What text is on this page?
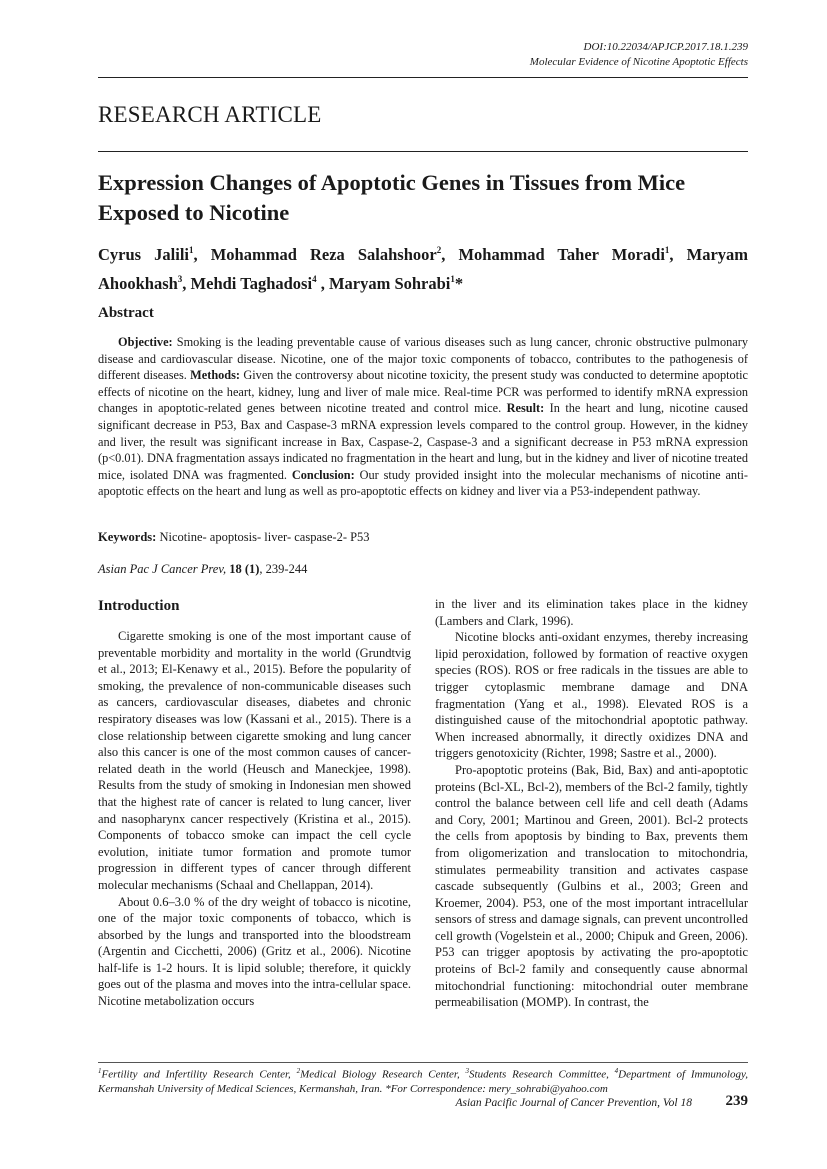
DOI:10.22034/APJCP.2017.18.1.239
Molecular Evidence of Nicotine Apoptotic Effects
RESEARCH ARTICLE
Expression Changes of Apoptotic Genes in Tissues from Mice Exposed to Nicotine
Cyrus Jalili$^1$, Mohammad Reza Salahshoor$^2$, Mohammad Taher Moradi$^1$, Maryam Ahookhash$^3$, Mehdi Taghadosi$^4$ , Maryam Sohrabi$^1$*
Abstract
Objective: Smoking is the leading preventable cause of various diseases such as lung cancer, chronic obstructive pulmonary disease and cardiovascular disease. Nicotine, one of the major toxic components of tobacco, contributes to the pathogenesis of different diseases. Methods: Given the controversy about nicotine toxicity, the present study was conducted to determine apoptotic effects of nicotine on the heart, kidney, lung and liver of male mice. Real-time PCR was performed to identify mRNA expression changes in apoptotic-related genes between nicotine treated and control mice. Result: In the heart and lung, nicotine caused significant decrease in P53, Bax and Caspase-3 mRNA expression levels compared to the control group. However, in the kidney and liver, the result was significant increase in Bax, Caspase-2, Caspase-3 and a significant decrease in P53 mRNA expression (p<0.01). DNA fragmentation assays indicated no fragmentation in the heart and lung, but in the kidney and liver of nicotine treated mice, isolated DNA was fragmented. Conclusion: Our study provided insight into the molecular mechanisms of nicotine anti-apoptotic effects on the heart and lung as well as pro-apoptotic effects on kidney and liver via a P53-independent pathway.
Keywords: Nicotine- apoptosis- liver- caspase-2- P53
Asian Pac J Cancer Prev, 18 (1), 239-244
Introduction

Cigarette smoking is one of the most important cause of preventable morbidity and mortality in the world (Grundtvig et al., 2013; El-Kenawy et al., 2015). Before the popularity of smoking, the prevalence of non-communicable diseases such as cancers, cardiovascular diseases, diabetes and chronic respiratory diseases was low (Kassani et al., 2015). There is a close relationship between cigarette smoking and lung cancer also this cancer is one of the most common causes of cancer-related death in the world (Heusch and Maneckjee, 1998). Results from the study of smoking in Indonesian men showed that the highest rate of cancer is related to lung cancer, liver and nasopharynx cancer respectively (Kristina et al., 2015). Components of tobacco smoke can impact the cell cycle evolution, initiate tumor formation and promote tumor progression in different types of cancer through different molecular mechanisms (Schaal and Chellappan, 2014).

About 0.6–3.0 % of the dry weight of tobacco is nicotine, one of the major toxic components of tobacco, which is absorbed by the lungs and transported into the bloodstream (Argentin and Cicchetti, 2006) (Gritz et al., 2006). Nicotine half-life is 1-2 hours. It is lipid soluble; therefore, it quickly goes out of the plasma and moves into the intra-cellular space. Nicotine metabolization occurs

in the liver and its elimination takes place in the kidney (Lambers and Clark, 1996).

Nicotine blocks anti-oxidant enzymes, thereby increasing lipid peroxidation, followed by formation of reactive oxygen species (ROS). ROS or free radicals in the tissues are able to trigger cytoplasmic membrane damage and DNA fragmentation (Yang et al., 1998). Elevated ROS is a distinguished cause of the mitochondrial apoptotic pathway. When increased abnormally, it directly oxidizes DNA and triggers genotoxicity (Richter, 1998; Sastre et al., 2000).

Pro-apoptotic proteins (Bak, Bid, Bax) and anti-apoptotic proteins (Bcl-XL, Bcl-2), members of the Bcl-2 family, tightly control the balance between cell life and cell death (Adams and Cory, 2001; Martinou and Green, 2001). Bcl-2 protects the cells from apoptosis by binding to Bax, prevents them from oligomerization and translocation to mitochondria, stimulates permeability transition and activates caspase cascade subsequently (Gulbins et al., 2003; Green and Kroemer, 2004). P53, one of the most important intracellular sensors of stress and damage signals, can prevent uncontrolled cell growth (Vogelstein et al., 2000; Chipuk and Green, 2006). P53 can trigger apoptosis by activating the pro-apoptotic proteins of Bcl-2 family and consequently cause abnormal mitochondrial functioning: mitochondrial outer membrane permeabilisation (MOMP). In contrast, the

$^1$Fertility and Infertility Research Center, $^2$Medical Biology Research Center, $^3$Students Research Committee, $^4$Department of Immunology, Kermanshah University of Medical Sciences, Kermanshah, Iran. *For Correspondence: mery_sohrabi@yahoo.com
Asian Pacific Journal of Cancer Prevention, Vol 18 239
